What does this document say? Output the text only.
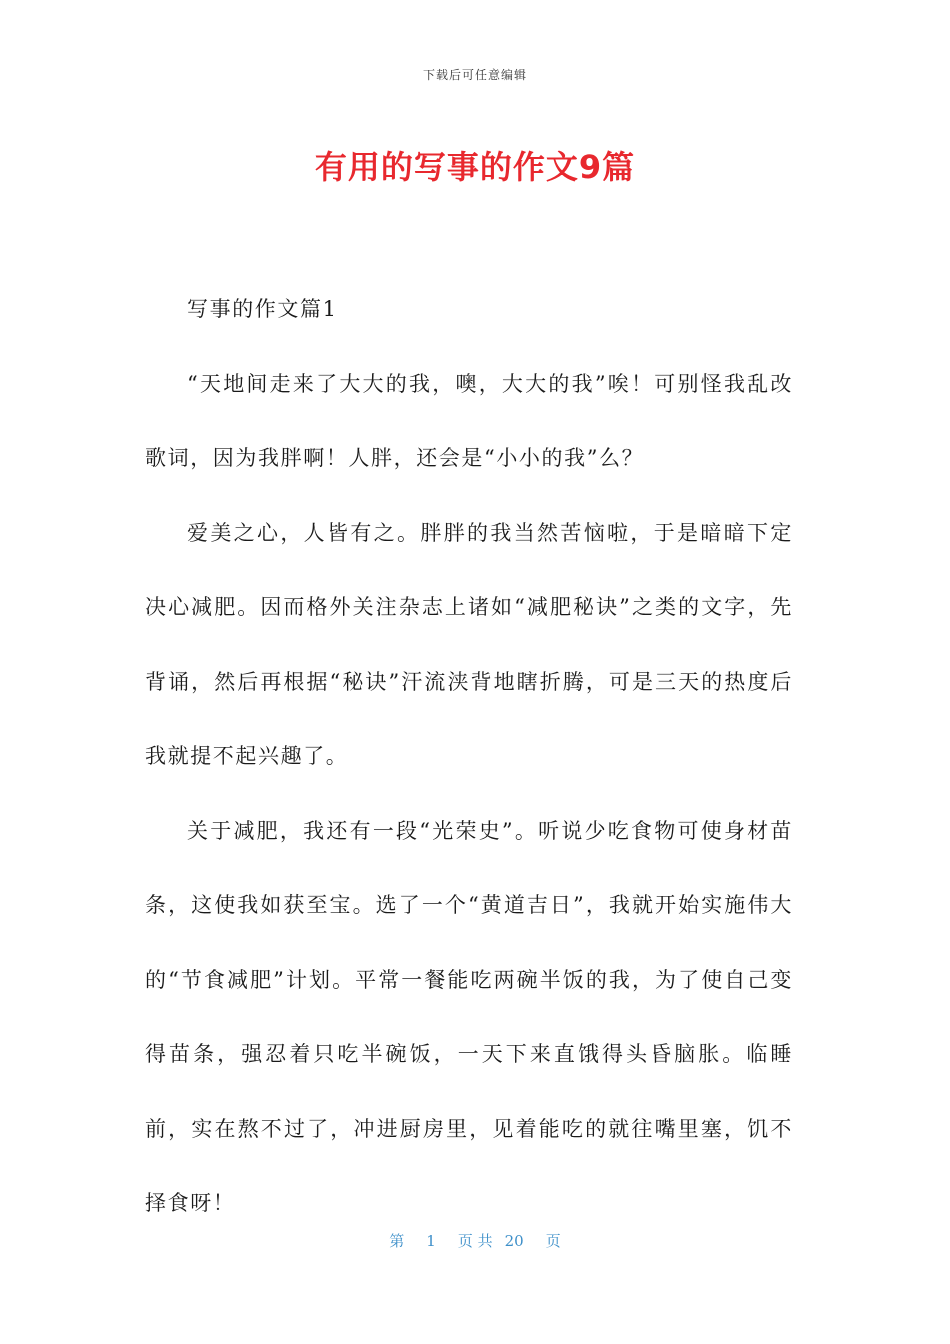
下载后可任意编辑
有用的写事的作文9篇

写事的作文篇1

“天地间走来了大大的我，噢，大大的我”唉！可别怪我乱改歌词，因为我胖啊！人胖，还会是“小小的我”么？

爱美之心，人皆有之。胖胖的我当然苦恼啦，于是暗暗下定决心减肥。因而格外关注杂志上诸如“减肥秘诀”之类的文字，先背诵，然后再根据“秘诀”汗流浃背地瞎折腾，可是三天的热度后我就提不起兴趣了。

关于减肥，我还有一段“光荣史”。听说少吃食物可使身材苗条，这使我如获至宝。选了一个“黄道吉日”，我就开始实施伟大的“节食减肥”计划。平常一餐能吃两碗半饭的我，为了使自己变得苗条，强忍着只吃半碗饭，一天下来直饿得头昏脑胀。临睡前，实在熬不过了，冲进厨房里，见着能吃的就往嘴里塞，饥不择食呀！

第 1 页 共 20 页
